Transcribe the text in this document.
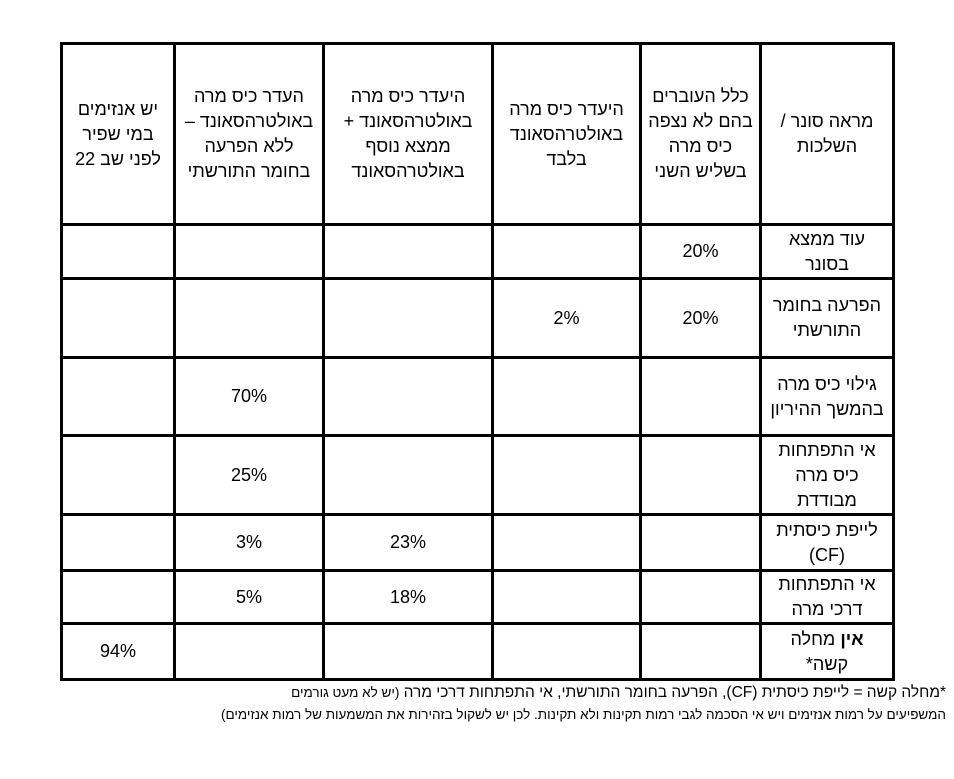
מראה סונר / השלכות	כלל העוברים בהם לא נצפה כיס מרה בשליש השני	היעדר כיס מרה באולטרהסאונד בלבד	היעדר כיס מרה באולטרהסאונד + ממצא נוסף באולטרהסאונד	העדר כיס מרה באולטרהסאונד – ללא הפרעה בחומר התורשתי	יש אנזימים במי שפיר לפני שב 22
עוד ממצא בסונר	20%				
הפרעה בחומר התורשתי	20%	2%			
גילוי כיס מרה בהמשך ההיריון				70%	
אי התפתחות כיס מרה מבודדת				25%	
לייפת כיסתית (CF)			23%	3%	
אי התפתחות דרכי מרה			18%	5%	
אין מחלה קשה*					94%
*מחלה קשה = לייפת כיסתית (CF), הפרעה בחומר התורשתי, אי התפתחות דרכי מרה (יש לא מעט גורמים
המשפיעים על רמות אנזימים ויש אי הסכמה לגבי רמות תקינות ולא תקינות. לכן יש לשקול בזהירות את המשמעות של רמות אנזימים)
